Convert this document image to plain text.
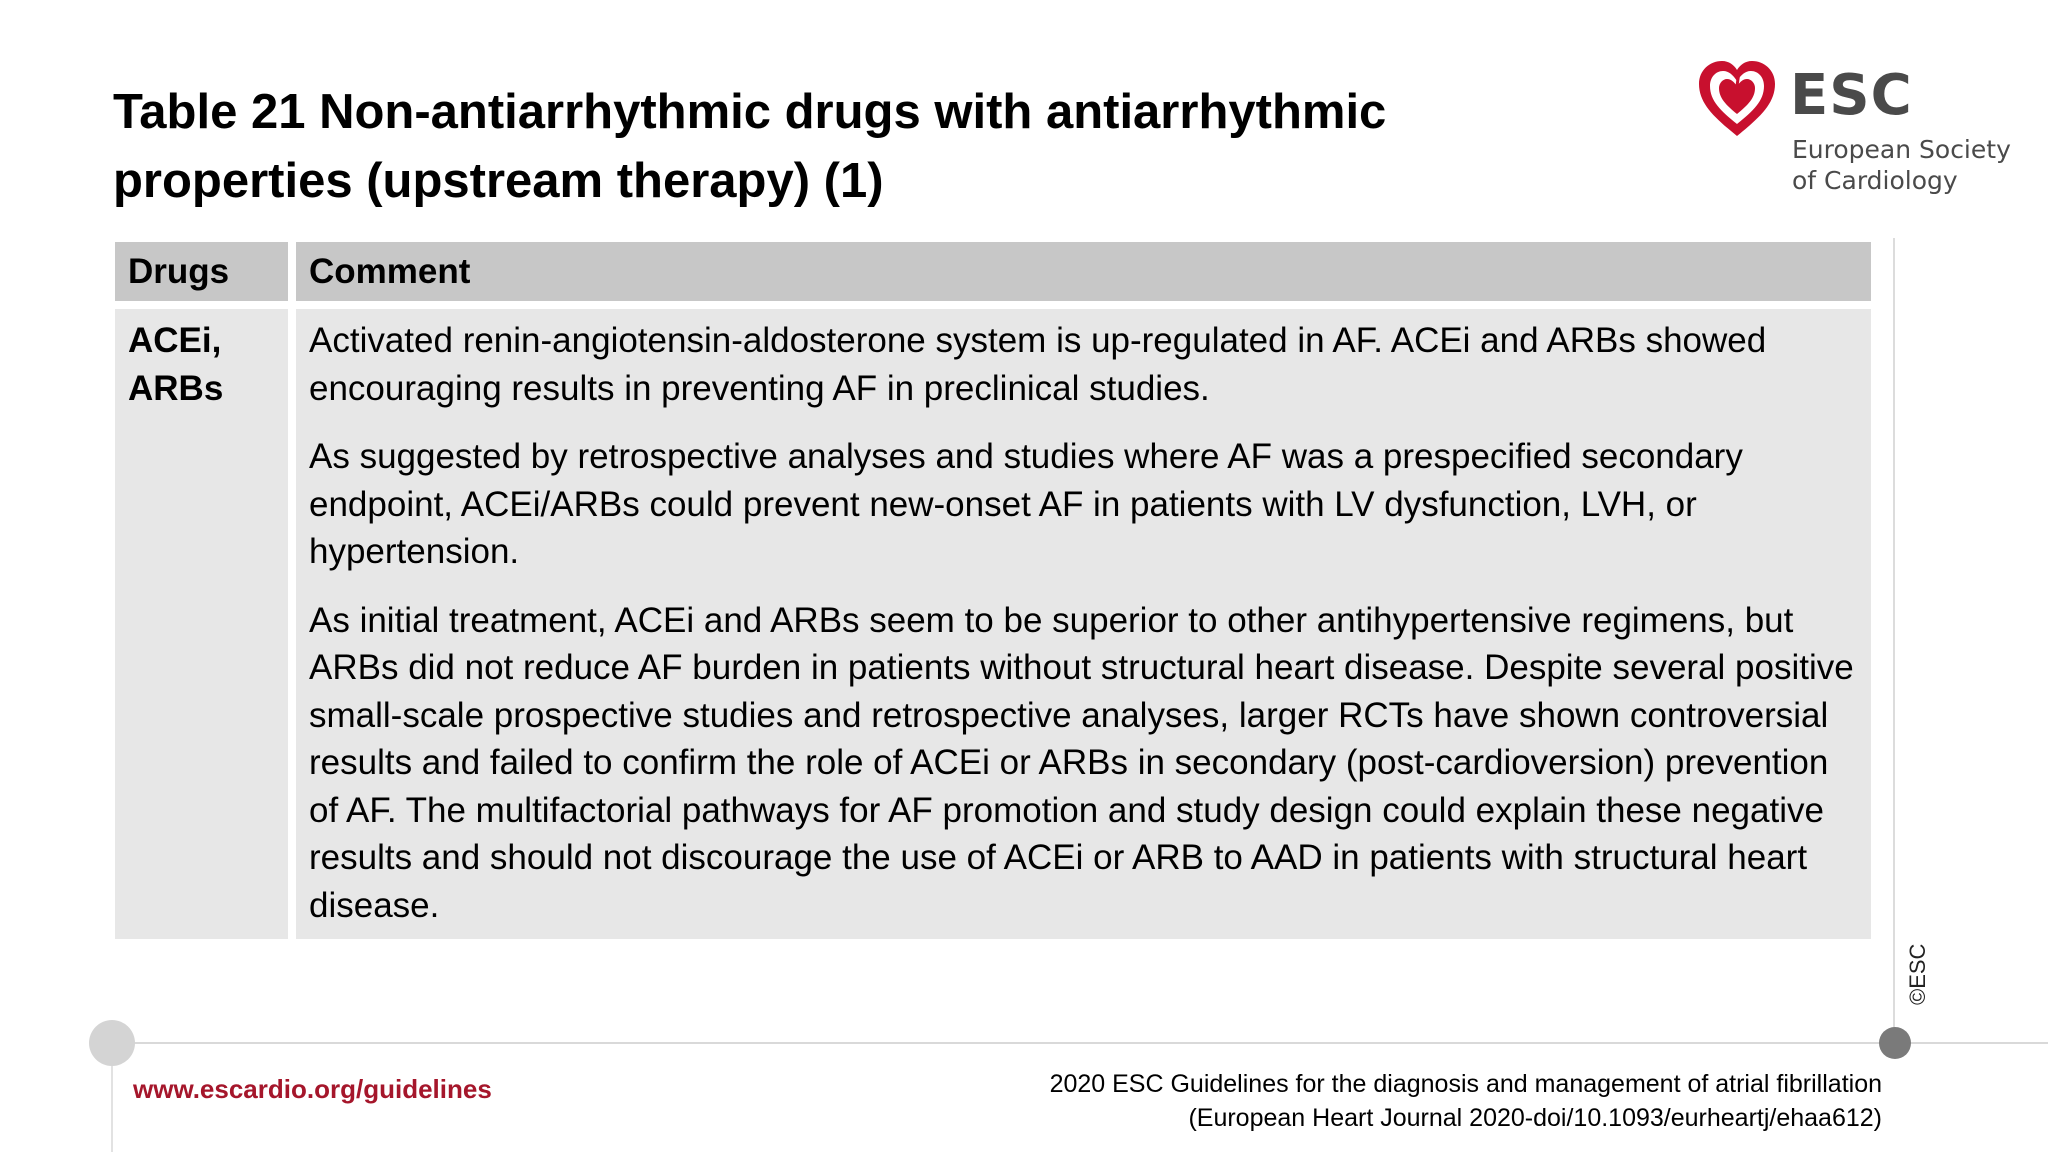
Table 21 Non-antiarrhythmic drugs with antiarrhythmic properties (upstream therapy) (1)
ESC
European Society
of Cardiology
Drugs	Comment
ACEi, ARBs	Activated renin-angiotensin-aldosterone system is up-regulated in AF. ACEi and ARBs showed encouraging results in preventing AF in preclinical studies.

As suggested by retrospective analyses and studies where AF was a prespecified secondary endpoint, ACEi/ARBs could prevent new-onset AF in patients with LV dysfunction, LVH, or hypertension.

As initial treatment, ACEi and ARBs seem to be superior to other antihypertensive regimens, but ARBs did not reduce AF burden in patients without structural heart disease. Despite several positive small-scale prospective studies and retrospective analyses, larger RCTs have shown controversial results and failed to confirm the role of ACEi or ARBs in secondary (post-cardioversion) prevention of AF. The multifactorial pathways for AF promotion and study design could explain these negative results and should not discourage the use of ACEi or ARB to AAD in patients with structural heart disease.

©ESC
www.escardio.org/guidelines	2020 ESC Guidelines for the diagnosis and management of atrial fibrillation
(European Heart Journal 2020-doi/10.1093/eurheartj/ehaa612)
